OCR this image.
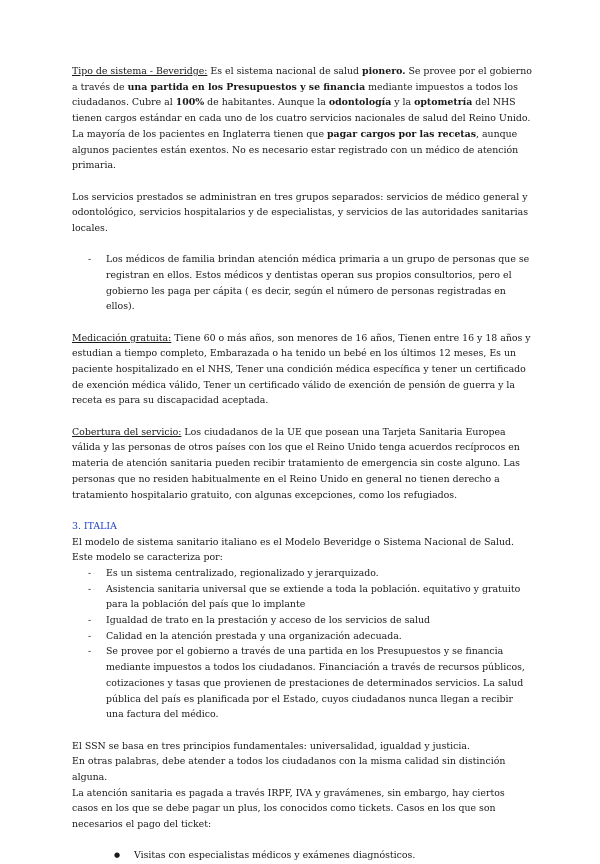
Tipo de sistema - Beveridge: Es el sistema nacional de salud pionero. Se provee por el gobierno a través de una partida en los Presupuestos y se financia mediante impuestos a todos los ciudadanos. Cubre al 100% de habitantes. Aunque la odontología y la optometría del NHS tienen cargos estándar en cada uno de los cuatro servicios nacionales de salud del Reino Unido. La mayoría de los pacientes en Inglaterra tienen que pagar cargos por las recetas, aunque algunos pacientes están exentos. No es necesario estar registrado con un médico de atención primaria.

Los servicios prestados se administran en tres grupos separados: servicios de médico general y odontológico, servicios hospitalarios y de especialistas, y servicios de las autoridades sanitarias locales.

- Los médicos de familia brindan atención médica primaria a un grupo de personas que se registran en ellos. Estos médicos y dentistas operan sus propios consultorios, pero el gobierno les paga per cápita ( es decir, según el número de personas registradas en ellos).

Medicación gratuita: Tiene 60 o más años, son menores de 16 años, Tienen entre 16 y 18 años y estudian a tiempo completo, Embarazada o ha tenido un bebé en los últimos 12 meses, Es un paciente hospitalizado en el NHS, Tener una condición médica específica y tener un certificado de exención médica válido, Tener un certificado válido de exención de pensión de guerra y la receta es para su discapacidad aceptada.

Cobertura del servicio: Los ciudadanos de la UE que posean una Tarjeta Sanitaria Europea válida y las personas de otros países con los que el Reino Unido tenga acuerdos recíprocos en materia de atención sanitaria pueden recibir tratamiento de emergencia sin coste alguno. Las personas que no residen habitualmente en el Reino Unido en general no tienen derecho a tratamiento hospitalario gratuito, con algunas excepciones, como los refugiados.

3. ITALIA

El modelo de sistema sanitario italiano es el Modelo Beveridge o Sistema Nacional de Salud. Este modelo se caracteriza por:

- Es un sistema centralizado, regionalizado y jerarquizado.
- Asistencia sanitaria universal que se extiende a toda la población. equitativo y gratuito para la población del país que lo implante
- Igualdad de trato en la prestación y acceso de los servicios de salud
- Calidad en la atención prestada y una organización adecuada.
- Se provee por el gobierno a través de una partida en los Presupuestos y se financia mediante impuestos a todos los ciudadanos. Financiación a través de recursos públicos, cotizaciones y tasas que provienen de prestaciones de determinados servicios. La salud pública del país es planificada por el Estado, cuyos ciudadanos nunca llegan a recibir una factura del médico.

El SSN se basa en tres principios fundamentales: universalidad, igualdad y justicia.

En otras palabras, debe atender a todos los ciudadanos con la misma calidad sin distinción alguna.

La atención sanitaria es pagada a través IRPF, IVA y gravámenes, sin embargo, hay ciertos casos en los que se debe pagar un plus, los conocidos como tickets. Casos en los que son necesarios el pago del ticket:

● Visitas con especialistas médicos y exámenes diagnósticos.
